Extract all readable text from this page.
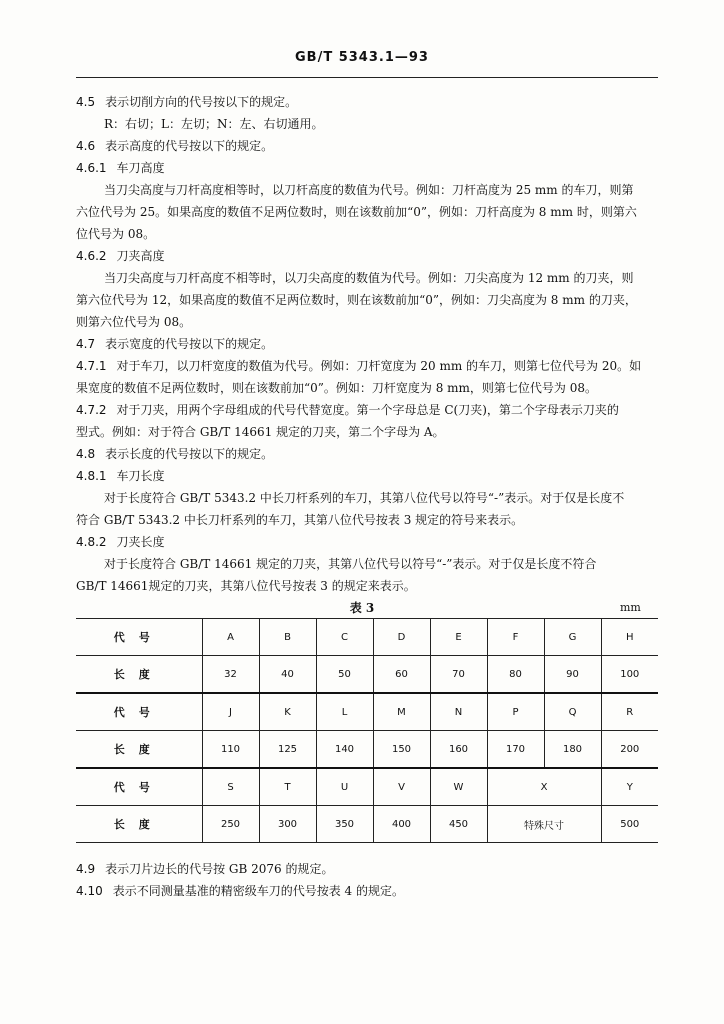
GB/T 5343.1—93
4.5 表示切削方向的代号按以下的规定。
R：右切；L：左切；N：左、右切通用。
4.6 表示高度的代号按以下的规定。
4.6.1 车刀高度
当刀尖高度与刀杆高度相等时，以刀杆高度的数值为代号。例如：刀杆高度为 25 mm 的车刀，则第
六位代号为 25。如果高度的数值不足两位数时，则在该数前加“0”，例如：刀杆高度为 8 mm 时，则第六
位代号为 08。
4.6.2 刀夹高度
当刀尖高度与刀杆高度不相等时，以刀尖高度的数值为代号。例如：刀尖高度为 12 mm 的刀夹，则
第六位代号为 12，如果高度的数值不足两位数时，则在该数前加“0”，例如：刀尖高度为 8 mm 的刀夹，
则第六位代号为 08。
4.7 表示宽度的代号按以下的规定。
4.7.1 对于车刀，以刀杆宽度的数值为代号。例如：刀杆宽度为 20 mm 的车刀，则第七位代号为 20。如
果宽度的数值不足两位数时，则在该数前加“0”。例如：刀杆宽度为 8 mm，则第七位代号为 08。
4.7.2 对于刀夹，用两个字母组成的代号代替宽度。第一个字母总是 C(刀夹)，第二个字母表示刀夹的
型式。例如：对于符合 GB/T 14661 规定的刀夹，第二个字母为 A。
4.8 表示长度的代号按以下的规定。
4.8.1 车刀长度
对于长度符合 GB/T 5343.2 中长刀杆系列的车刀，其第八位代号以符号“-”表示。对于仅是长度不
符合 GB/T 5343.2 中长刀杆系列的车刀，其第八位代号按表 3 规定的符号来表示。
4.8.2 刀夹长度
对于长度符合 GB/T 14661 规定的刀夹，其第八位代号以符号“-”表示。对于仅是长度不符合
GB/T 14661规定的刀夹，其第八位代号按表 3 的规定来表示。
代号	A	B	C	D	E	F	G	H
长度	32	40	50	60	70	80	90	100
代号	J	K	L	M	N	P	Q	R
长度	110	125	140	150	160	170	180	200
代号	S	T	U	V	W	X		Y
长度	250	300	350	400	450	特殊尺寸		500
4.9 表示刀片边长的代号按 GB 2076 的规定。
4.10 表示不同测量基准的精密级车刀的代号按表 4 的规定。
表 3	mm
